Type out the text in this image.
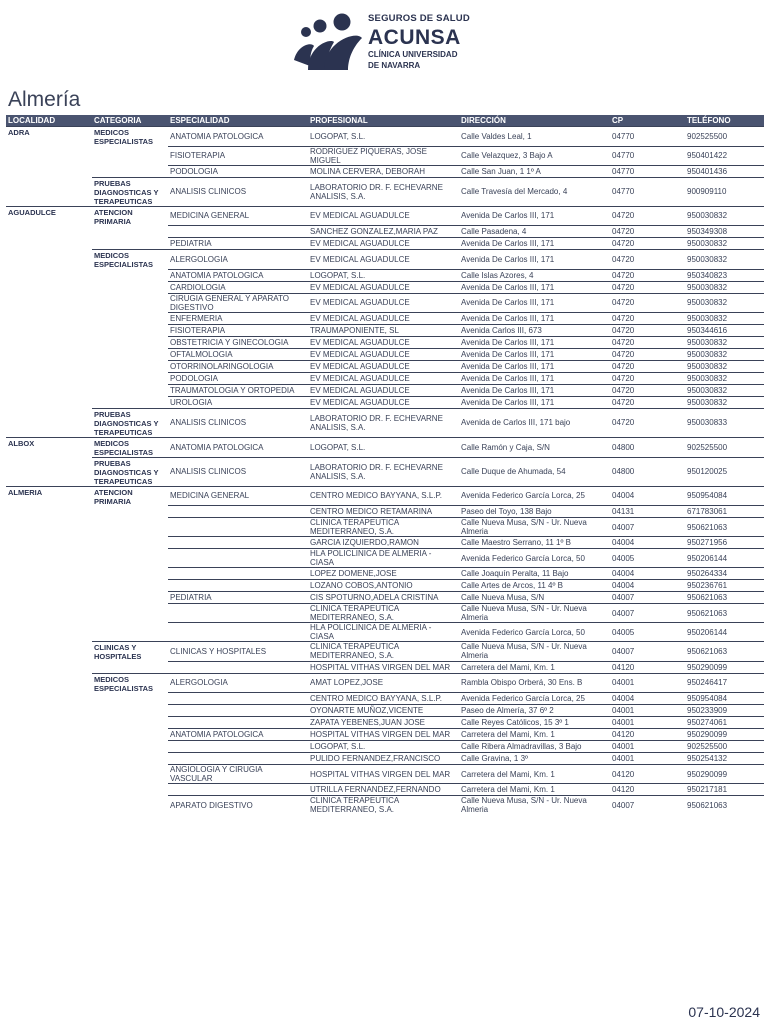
SEGUROS DE SALUD
ACUNSA
CLÍNICA UNIVERSIDAD
DE NAVARRA
Almería
LOCALIDAD	CATEGORIA	ESPECIALIDAD	PROFESIONAL	DIRECCIÓN	CP	TELÉFONO
ADRA	MEDICOS ESPECIALISTAS	ANATOMIA PATOLOGICA	LOGOPAT, S.L.	Calle Valdes Leal, 1	04770	902525500
		FISIOTERAPIA	RODRIGUEZ PIQUERAS, JOSE MIGUEL	Calle Velazquez, 3 Bajo A	04770	950401422
		PODOLOGIA	MOLINA CERVERA, DEBORAH	Calle San Juan, 1 1º A	04770	950401436
	PRUEBAS DIAGNOSTICAS Y TERAPEUTICAS	ANALISIS CLINICOS	LABORATORIO DR. F. ECHEVARNE ANALISIS, S.A.	Calle Travesía del Mercado, 4	04770	900909110
AGUADULCE	ATENCION PRIMARIA	MEDICINA GENERAL	EV MEDICAL AGUADULCE	Avenida De Carlos III, 171	04720	950030832
			SANCHEZ GONZALEZ,MARIA PAZ	Calle Pasadena, 4	04720	950349308
		PEDIATRIA	EV MEDICAL AGUADULCE	Avenida De Carlos III, 171	04720	950030832
	MEDICOS ESPECIALISTAS	ALERGOLOGIA	EV MEDICAL AGUADULCE	Avenida De Carlos III, 171	04720	950030832
		ANATOMIA PATOLOGICA	LOGOPAT, S.L.	Calle Islas Azores, 4	04720	950340823
		CARDIOLOGIA	EV MEDICAL AGUADULCE	Avenida De Carlos III, 171	04720	950030832
		CIRUGIA GENERAL Y APARATO DIGESTIVO	EV MEDICAL AGUADULCE	Avenida De Carlos III, 171	04720	950030832
		ENFERMERIA	EV MEDICAL AGUADULCE	Avenida De Carlos III, 171	04720	950030832
		FISIOTERAPIA	TRAUMAPONIENTE, SL	Avenida Carlos III, 673	04720	950344616
		OBSTETRICIA Y GINECOLOGIA	EV MEDICAL AGUADULCE	Avenida De Carlos III, 171	04720	950030832
		OFTALMOLOGIA	EV MEDICAL AGUADULCE	Avenida De Carlos III, 171	04720	950030832
		OTORRINOLARINGOLOGIA	EV MEDICAL AGUADULCE	Avenida De Carlos III, 171	04720	950030832
		PODOLOGIA	EV MEDICAL AGUADULCE	Avenida De Carlos III, 171	04720	950030832
		TRAUMATOLOGIA Y ORTOPEDIA	EV MEDICAL AGUADULCE	Avenida De Carlos III, 171	04720	950030832
		UROLOGIA	EV MEDICAL AGUADULCE	Avenida De Carlos III, 171	04720	950030832
	PRUEBAS DIAGNOSTICAS Y TERAPEUTICAS	ANALISIS CLINICOS	LABORATORIO DR. F. ECHEVARNE ANALISIS, S.A.	Avenida de Carlos III, 171 bajo	04720	950030833
ALBOX	MEDICOS ESPECIALISTAS	ANATOMIA PATOLOGICA	LOGOPAT, S.L.	Calle Ramón y Caja, S/N	04800	902525500
	PRUEBAS DIAGNOSTICAS Y TERAPEUTICAS	ANALISIS CLINICOS	LABORATORIO DR. F. ECHEVARNE ANALISIS, S.A.	Calle Duque de Ahumada, 54	04800	950120025
ALMERIA	ATENCION PRIMARIA	MEDICINA GENERAL	CENTRO MEDICO BAYYANA, S.L.P.	Avenida Federico García Lorca, 25	04004	950954084
			CENTRO MEDICO RETAMARINA	Paseo del Toyo, 138 Bajo	04131	671783061
			CLINICA TERAPEUTICA MEDITERRANEO, S.A.	Calle Nueva Musa, S/N - Ur. Nueva Almeria	04007	950621063
			GARCIA IZQUIERDO,RAMON	Calle Maestro Serrano, 11 1º B	04004	950271956
			HLA POLICLINICA DE ALMERIA - CIASA	Avenida Federico García Lorca, 50	04005	950206144
			LOPEZ DOMENE,JOSE	Calle Joaquín Peralta, 11 Bajo	04004	950264334
			LOZANO COBOS,ANTONIO	Calle Artes de Arcos, 11 4º B	04004	950236761
		PEDIATRIA	CIS SPOTURNO,ADELA CRISTINA	Calle Nueva Musa, S/N	04007	950621063
			CLINICA TERAPEUTICA MEDITERRANEO, S.A.	Calle Nueva Musa, S/N - Ur. Nueva Almeria	04007	950621063
			HLA POLICLINICA DE ALMERIA - CIASA	Avenida Federico García Lorca, 50	04005	950206144
	CLINICAS Y HOSPITALES	CLINICAS Y HOSPITALES	CLINICA TERAPEUTICA MEDITERRANEO, S.A.	Calle Nueva Musa, S/N - Ur. Nueva Almeria	04007	950621063
			HOSPITAL VITHAS VIRGEN DEL MAR	Carretera del Mami, Km. 1	04120	950290099
	MEDICOS ESPECIALISTAS	ALERGOLOGIA	AMAT LOPEZ,JOSE	Rambla Obispo Orberá, 30 Ens. B	04001	950246417
			CENTRO MEDICO BAYYANA, S.L.P.	Avenida Federico García Lorca, 25	04004	950954084
			OYONARTE MUÑOZ,VICENTE	Paseo de Almería, 37 6º 2	04001	950233909
			ZAPATA YEBENES,JUAN JOSE	Calle Reyes Católicos, 15 3º 1	04001	950274061
		ANATOMIA PATOLOGICA	HOSPITAL VITHAS VIRGEN DEL MAR	Carretera del Mami, Km. 1	04120	950290099
			LOGOPAT, S.L.	Calle Ribera Almadravillas, 3 Bajo	04001	902525500
			PULIDO FERNANDEZ,FRANCISCO	Calle Gravina, 1 3º	04001	950254132
		ANGIOLOGIA Y CIRUGIA VASCULAR	HOSPITAL VITHAS VIRGEN DEL MAR	Carretera del Mami, Km. 1	04120	950290099
			UTRILLA FERNANDEZ,FERNANDO	Carretera del Mami, Km. 1	04120	950217181
		APARATO DIGESTIVO	CLINICA TERAPEUTICA MEDITERRANEO, S.A.	Calle Nueva Musa, S/N - Ur. Nueva Almeria	04007	950621063
07-10-2024
